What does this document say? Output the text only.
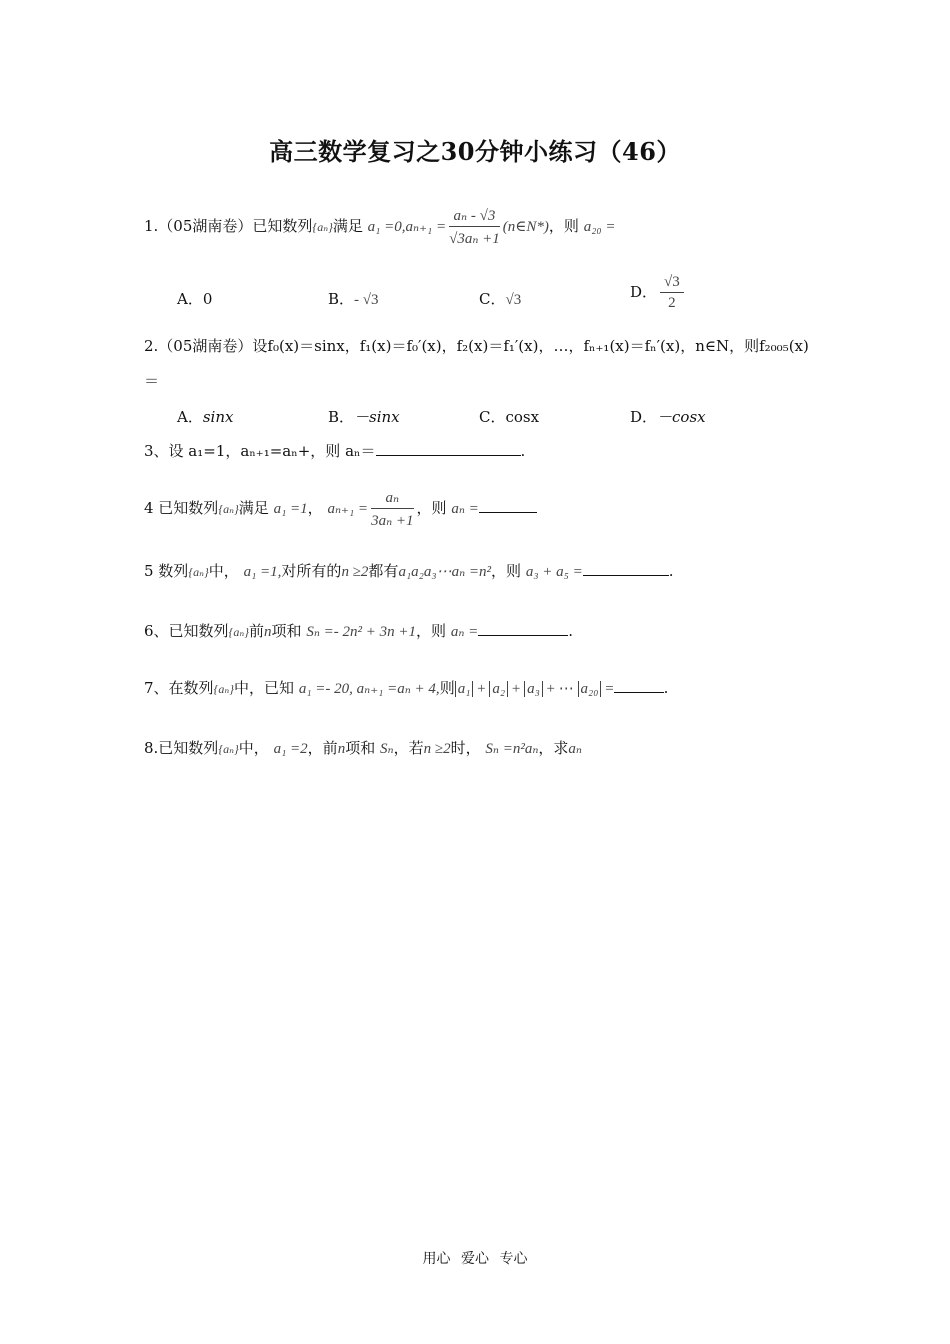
高三数学复习之30分钟小练习（46）
1.（05湖南卷）已知数列{aₙ}满足 $a_1 =0,a_{n+1} = \frac{\text{aₙ - √3}}{\text{√3aₙ +1}}$ (n∈N*)，则 a₂₀ =
A．0	B．- √3	C．√3	D． $\frac{√3}{2}$
2.（05湖南卷）设f₀(x)＝sinx，f₁(x)＝f₀′(x)，f₂(x)＝f₁′(x)，…，fₙ₊₁(x)＝fₙ′(x)，n∈N，则f₂₀₀₅(x)
＝
A．sinx	B．－sinx	C．cosx	D．－cosx
3、设 a₁=1，aₙ₊₁=aₙ+，则 aₙ＝	.
4 已知数列{aₙ}满足 a₁ =1， $a_{n+1} = \frac{\text{aₙ}}{\text{3aₙ +1}}$ ，则 aₙ =
5 数列{aₙ}中， a₁ =1,对所有的n ≥2都有a₁a₂a₃⋯aₙ =n²，则 a₃ + a₅ =	.
6、已知数列{aₙ}前n项和 Sₙ =- 2n² + 3n +1，则 aₙ =	.
7、在数列{aₙ}中，已知 a₁ =- 20, aₙ₊₁ =aₙ + 4,则 a₁ + a₂ + a₃ + ⋯ a₂₀ =	.
8.已知数列{aₙ}中， a₁ =2，前n项和 Sₙ，若n ≥2时， Sₙ =n²aₙ，求aₙ
用心 爱心 专心
